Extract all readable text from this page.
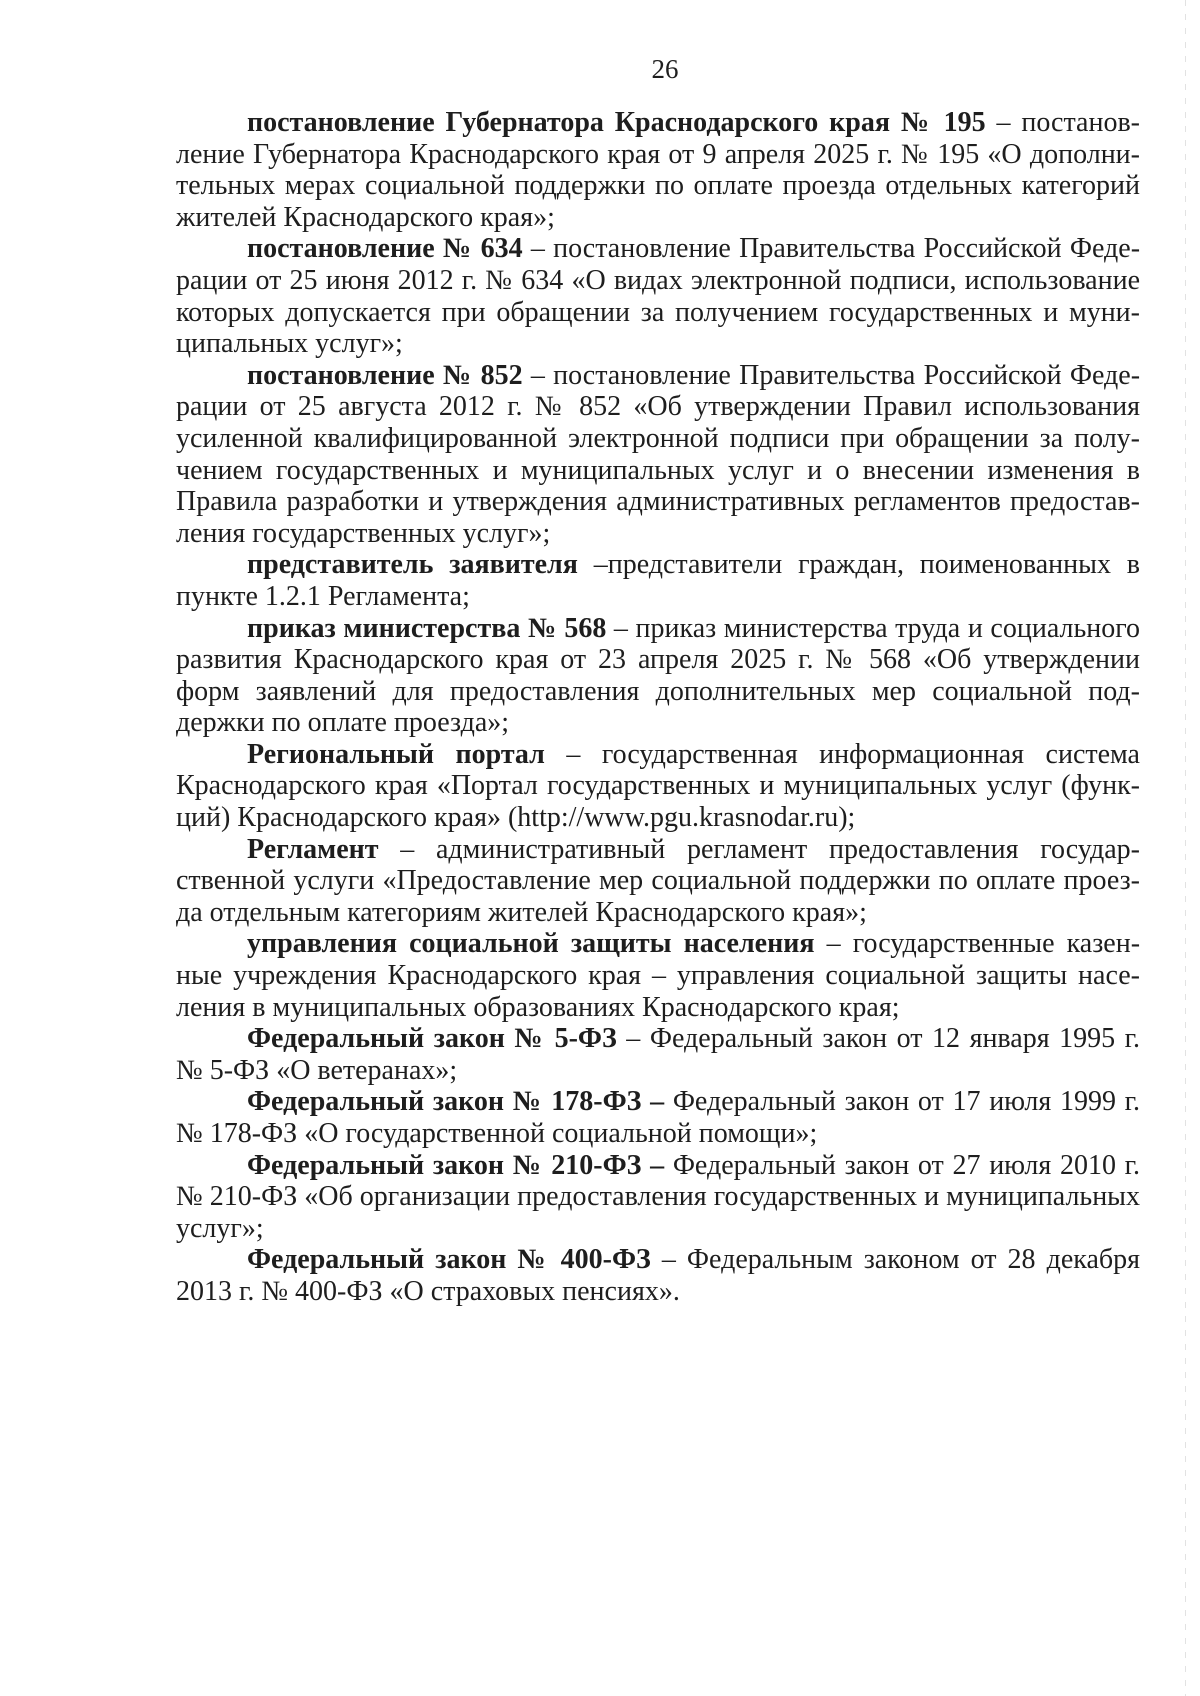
26

постановление Губернатора Краснодарского края № 195 – постановление Губернатора Краснодарского края от 9 апреля 2025 г. № 195 «О дополнительных мерах социальной поддержки по оплате проезда отдельных категорий жителей Краснодарского края»;

постановление № 634 – постановление Правительства Российской Федерации от 25 июня 2012 г. № 634 «О видах электронной подписи, использование которых допускается при обращении за получением государственных и муниципальных услуг»;

постановление № 852 – постановление Правительства Российской Федерации от 25 августа 2012 г. № 852 «Об утверждении Правил использования усиленной квалифицированной электронной подписи при обращении за получением государственных и муниципальных услуг и о внесении изменения в Правила разработки и утверждения административных регламентов предоставления государственных услуг»;

представитель заявителя –представители граждан, поименованных в пункте 1.2.1 Регламента;

приказ министерства № 568 – приказ министерства труда и социального развития Краснодарского края от 23 апреля 2025 г. № 568 «Об утверждении форм заявлений для предоставления дополнительных мер социальной поддержки по оплате проезда»;

Региональный портал – государственная информационная система Краснодарского края «Портал государственных и муниципальных услуг (функций) Краснодарского края» (http://www.pgu.krasnodar.ru);

Регламент – административный регламент предоставления государственной услуги «Предоставление мер социальной поддержки по оплате проезда отдельным категориям жителей Краснодарского края»;

управления социальной защиты населения – государственные казенные учреждения Краснодарского края – управления социальной защиты населения в муниципальных образованиях Краснодарского края;

Федеральный закон № 5-ФЗ – Федеральный закон от 12 января 1995 г. № 5-ФЗ «О ветеранах»;

Федеральный закон № 178-ФЗ – Федеральный закон от 17 июля 1999 г. № 178-ФЗ «О государственной социальной помощи»;

Федеральный закон № 210-ФЗ – Федеральный закон от 27 июля 2010 г. № 210-ФЗ «Об организации предоставления государственных и муниципальных услуг»;

Федеральный закон № 400-ФЗ – Федеральным законом от 28 декабря 2013 г. № 400-ФЗ «О страховых пенсиях».
